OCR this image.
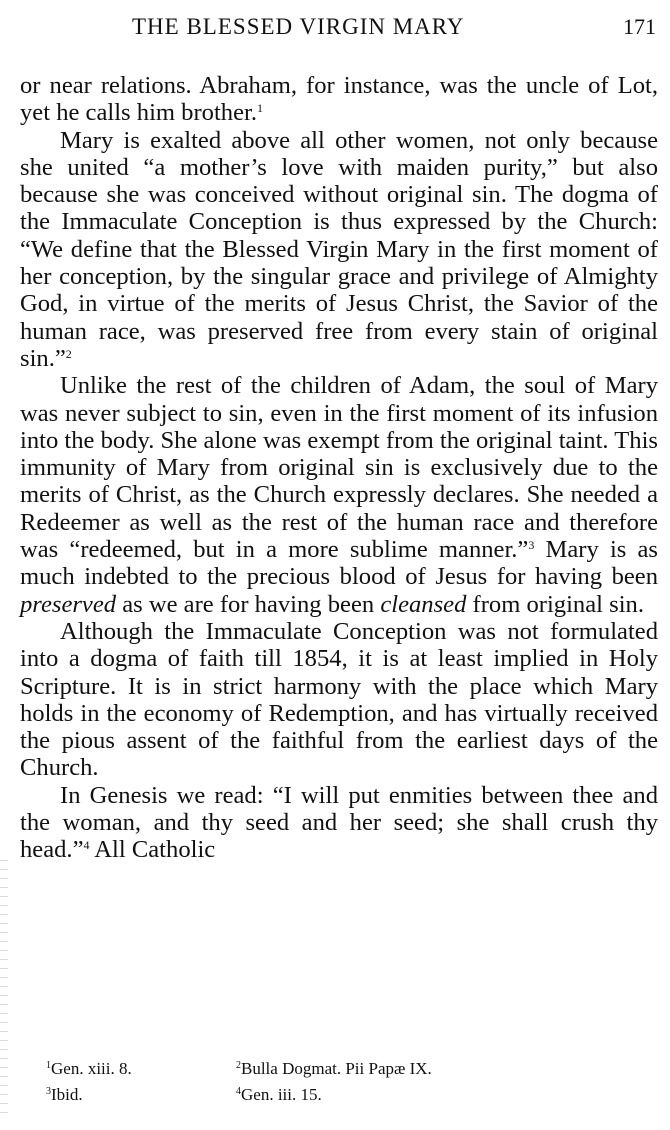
THE BLESSED VIRGIN MARY	171

or near relations. Abraham, for instance, was the uncle of Lot, yet he calls him brother.$^1$

Mary is exalted above all other women, not only because she united “a mother’s love with maiden purity,” but also because she was conceived without original sin. The dogma of the Immaculate Conception is thus expressed by the Church: “We define that the Blessed Virgin Mary in the first moment of her conception, by the singular grace and privilege of Almighty God, in virtue of the merits of Jesus Christ, the Savior of the human race, was preserved free from every stain of original sin.”$^2$

Unlike the rest of the children of Adam, the soul of Mary was never subject to sin, even in the first moment of its infusion into the body. She alone was exempt from the original taint. This immunity of Mary from original sin is exclusively due to the merits of Christ, as the Church expressly declares. She needed a Redeemer as well as the rest of the human race and therefore was “redeemed, but in a more sublime manner.”$^3$ Mary is as much indebted to the precious blood of Jesus for having been preserved as we are for having been cleansed from original sin.

Although the Immaculate Conception was not formulated into a dogma of faith till 1854, it is at least implied in Holy Scripture. It is in strict harmony with the place which Mary holds in the economy of Redemption, and has virtually received the pious assent of the faithful from the earliest days of the Church.

In Genesis we read: “I will put enmities between thee and the woman, and thy seed and her seed; she shall crush thy head.”$^4$ All Catholic

$^1$Gen. xiii. 8.	$^2$Bulla Dogmat. Pii Papæ IX.
$^3$Ibid.	$^4$Gen. iii. 15.
